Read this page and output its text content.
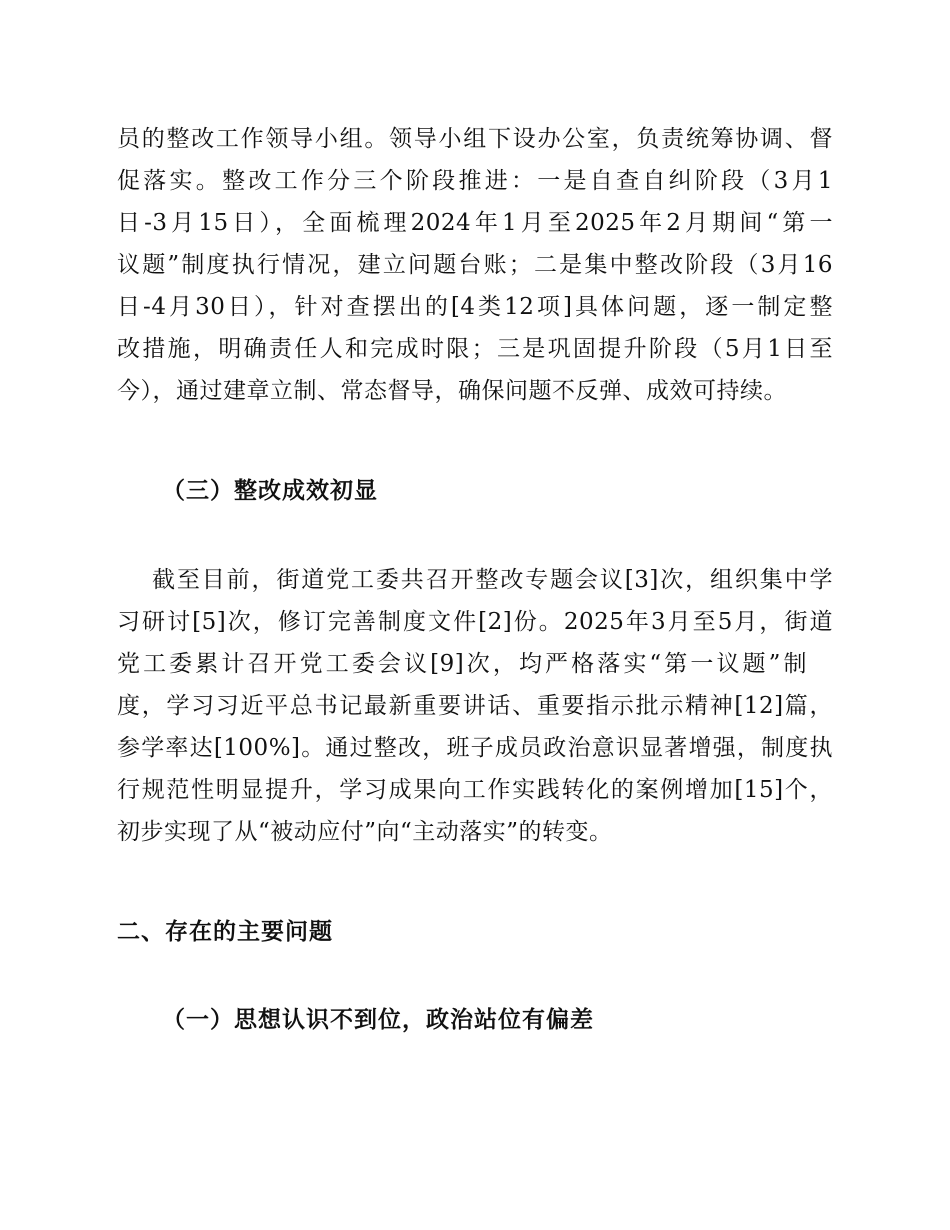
员的整改工作领导小组。领导小组下设办公室，负责统筹协调、督
促落实。整改工作分三个阶段推进：一是自查自纠阶段（3月1
日-3月15日），全面梳理2024年1月至2025年2月期间“第一
议题”制度执行情况，建立问题台账；二是集中整改阶段（3月16
日-4月30日），针对查摆出的[4类12项]具体问题，逐一制定整
改措施，明确责任人和完成时限；三是巩固提升阶段（5月1日至
今），通过建章立制、常态督导，确保问题不反弹、成效可持续。
（三）整改成效初显
截至目前，街道党工委共召开整改专题会议[3]次，组织集中学
习研讨[5]次，修订完善制度文件[2]份。2025年3月至5月，街道
党工委累计召开党工委会议[9]次，均严格落实“第一议题”制
度，学习习近平总书记最新重要讲话、重要指示批示精神[12]篇，
参学率达[100%]。通过整改，班子成员政治意识显著增强，制度执
行规范性明显提升，学习成果向工作实践转化的案例增加[15]个，
初步实现了从“被动应付”向“主动落实”的转变。
二、存在的主要问题
（一）思想认识不到位，政治站位有偏差
